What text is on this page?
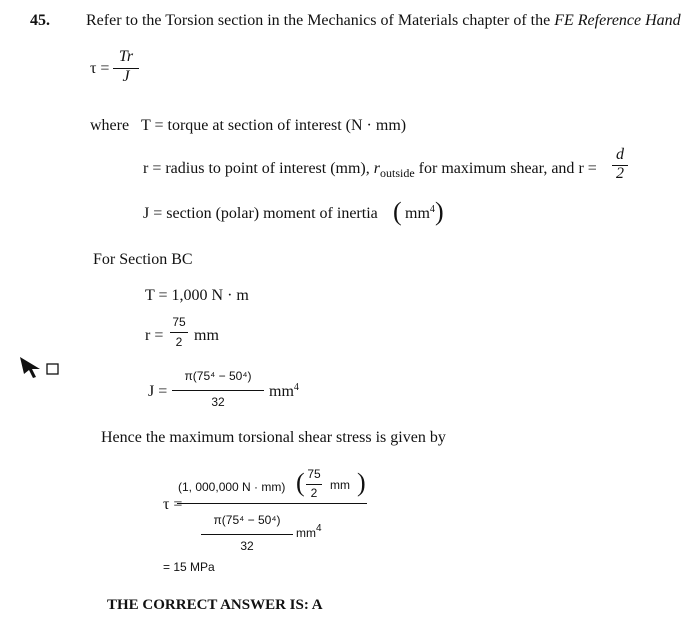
45. Refer to the Torsion section in the Mechanics of Materials chapter of the FE Reference Hand
τ =
Tr
J
where T = torque at section of interest (N · mm)
r = radius to point of interest (mm), $r_{outside}$ for maximum shear, and r =
d
2
J = section (polar) moment of inertia ( $mm^4$ )
For Section BC
T = 1,000 N · m
r =
75
2 mm
J =
π(75⁴ − 50⁴)
32
$mm^4$
Hence the maximum torsional shear stress is given by
τ =
(1, 000,000 N · mm) ( 75
2
mm )
π(75⁴ − 50⁴)
32
$mm^4$
= 15 MPa
THE CORRECT ANSWER IS: A
